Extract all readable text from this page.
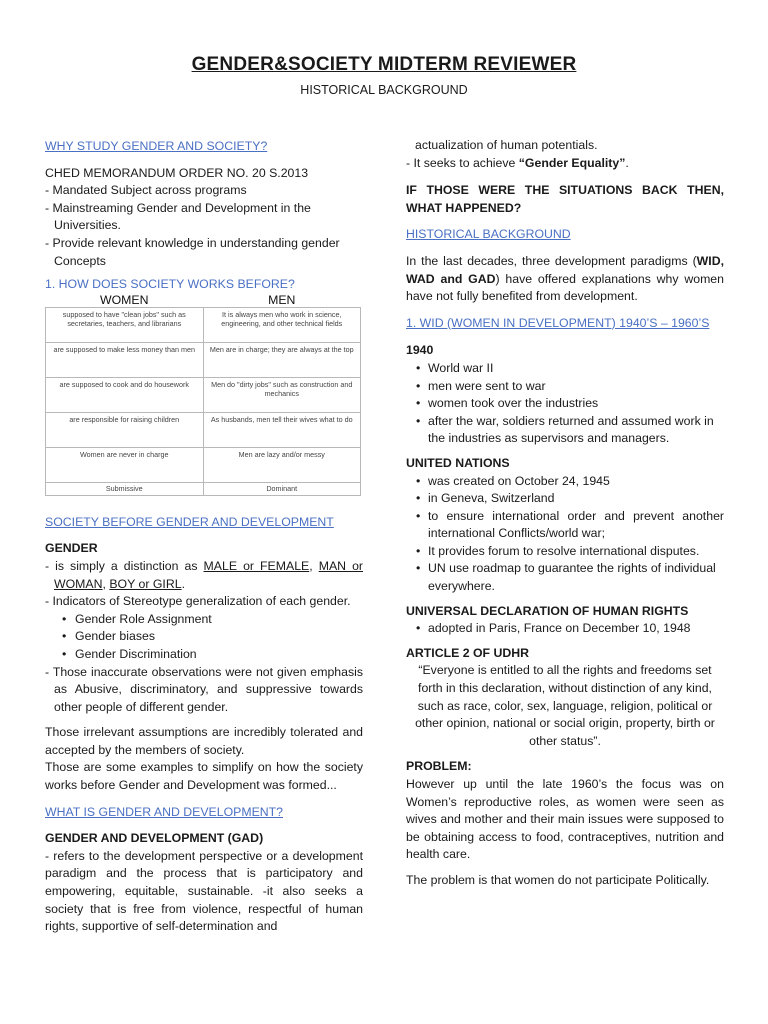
GENDER&SOCIETY MIDTERM REVIEWER
HISTORICAL BACKGROUND

WHY STUDY GENDER AND SOCIETY?

CHED MEMORANDUM ORDER NO. 20 S.2013

- Mandated Subject across programs

- Mainstreaming Gender and Development in the Universities.

- Provide relevant knowledge in understanding gender Concepts

1. HOW DOES SOCIETY WORKS BEFORE?

WOMEN	MEN
supposed to have "clean jobs" such as secretaries, teachers, and librarians	It is always men who work in science, engineering, and other technical fields
are supposed to make less money than men	Men are in charge; they are always at the top
are supposed to cook and do housework	Men do "dirty jobs" such as construction and mechanics
are responsible for raising children	As husbands, men tell their wives what to do
Women are never in charge	Men are lazy and/or messy
Submissive	Dominant

SOCIETY BEFORE GENDER AND DEVELOPMENT

GENDER

- is simply a distinction as MALE or FEMALE, MAN or WOMAN, BOY or GIRL.

- Indicators of Stereotype generalization of each gender.

• Gender Role Assignment

• Gender biases

• Gender Discrimination

- Those inaccurate observations were not given emphasis as Abusive, discriminatory, and suppressive towards other people of different gender.

Those irrelevant assumptions are incredibly tolerated and accepted by the members of society.

Those are some examples to simplify on how the society works before Gender and Development was formed...

WHAT IS GENDER AND DEVELOPMENT?

GENDER AND DEVELOPMENT (GAD)

- refers to the development perspective or a development paradigm and the process that is participatory and empowering, equitable, sustainable. -it also seeks a society that is free from violence, respectful of human rights, supportive of self-determination and

actualization of human potentials.

- It seeks to achieve “Gender Equality”.

IF THOSE WERE THE SITUATIONS BACK THEN, WHAT HAPPENED?

HISTORICAL BACKGROUND

In the last decades, three development paradigms (WID, WAD and GAD) have offered explanations why women have not fully benefited from development.

1. WID (WOMEN IN DEVELOPMENT) 1940’S – 1960’S

1940

• World war II

• men were sent to war

• women took over the industries

• after the war, soldiers returned and assumed work in the industries as supervisors and managers.

UNITED NATIONS

• was created on October 24, 1945

• in Geneva, Switzerland

• to ensure international order and prevent another international Conflicts/world war;

• It provides forum to resolve international disputes.

• UN use roadmap to guarantee the rights of individual everywhere.

UNIVERSAL DECLARATION OF HUMAN RIGHTS

• adopted in Paris, France on December 10, 1948

ARTICLE 2 OF UDHR

“Everyone is entitled to all the rights and freedoms set forth in this declaration, without distinction of any kind, such as race, color, sex, language, religion, political or other opinion, national or social origin, property, birth or other status”.

PROBLEM:

However up until the late 1960’s the focus was on Women’s reproductive roles, as women were seen as wives and mother and their main issues were supposed to be obtaining access to food, contraceptives, nutrition and health care.

The problem is that women do not participate Politically.
